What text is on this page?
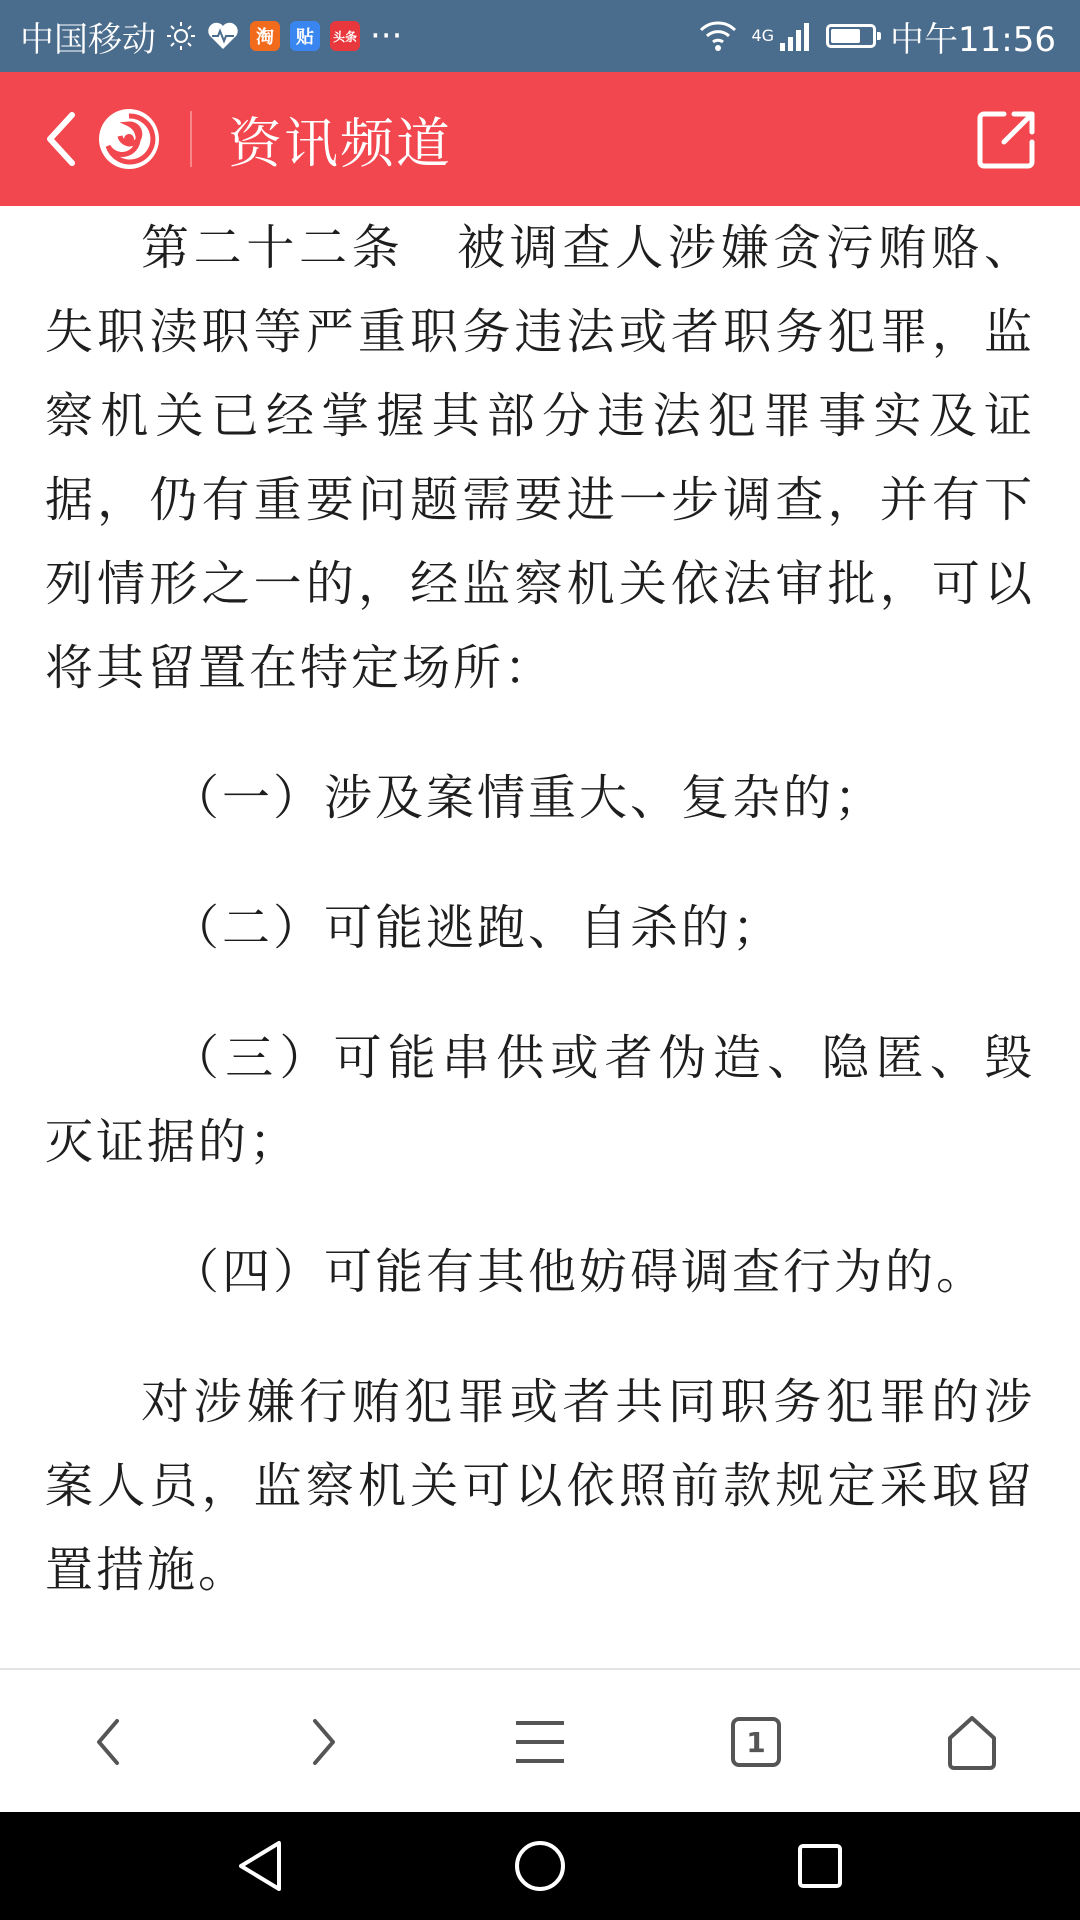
中国移动	淘	贴	头条 ···	4G	中午11:56
资讯频道

第二十二条　被调查人涉嫌贪污贿赂、失职渎职等严重职务违法或者职务犯罪，监察机关已经掌握其部分违法犯罪事实及证据，仍有重要问题需要进一步调查，并有下列情形之一的，经监察机关依法审批，可以将其留置在特定场所：

（一）涉及案情重大、复杂的；

（二）可能逃跑、自杀的；

（三）可能串供或者伪造、隐匿、毁灭证据的；

（四）可能有其他妨碍调查行为的。

对涉嫌行贿犯罪或者共同职务犯罪的涉案人员，监察机关可以依照前款规定采取留置措施。

1
